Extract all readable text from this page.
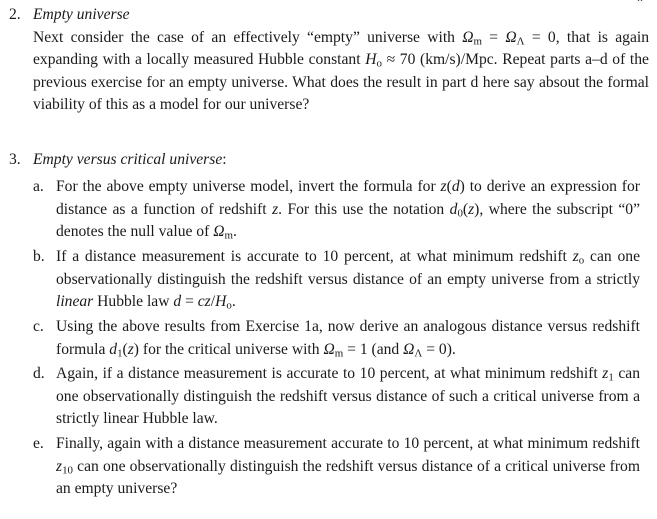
2. Empty universe
Next consider the case of an effectively “empty” universe with $\Omega_m = \Omega_\Lambda = 0$, that is again expanding with a locally measured Hubble constant $H_o \approx 70$ (km/s)/Mpc. Repeat parts a–d of the previous exercise for an empty universe. What does the result in part d here say absout the formal viability of this as a model for our universe?
3. Empty versus critical universe:
a. For the above empty universe model, invert the formula for z(d) to derive an expression for distance as a function of redshift z. For this use the notation $d_0(z)$, where the subscript “0” denotes the null value of $\Omega_m$.
b. If a distance measurement is accurate to 10 percent, at what minimum redshift $z_o$ can one observationally distinguish the redshift versus distance of an empty universe from a strictly linear Hubble law $d = cz/H_o$.
c. Using the above results from Exercise 1a, now derive an analogous distance versus redshift formula $d_1(z)$ for the critical universe with $\Omega_m = 1$ (and $\Omega_\Lambda = 0$).
d. Again, if a distance measurement is accurate to 10 percent, at what minimum redshift $z_1$ can one observationally distinguish the redshift versus distance of such a critical universe from a strictly linear Hubble law.
e. Finally, again with a distance measurement accurate to 10 percent, at what minimum redshift $z_{10}$ can one observationally distinguish the redshift versus distance of a critical universe from an empty universe?
